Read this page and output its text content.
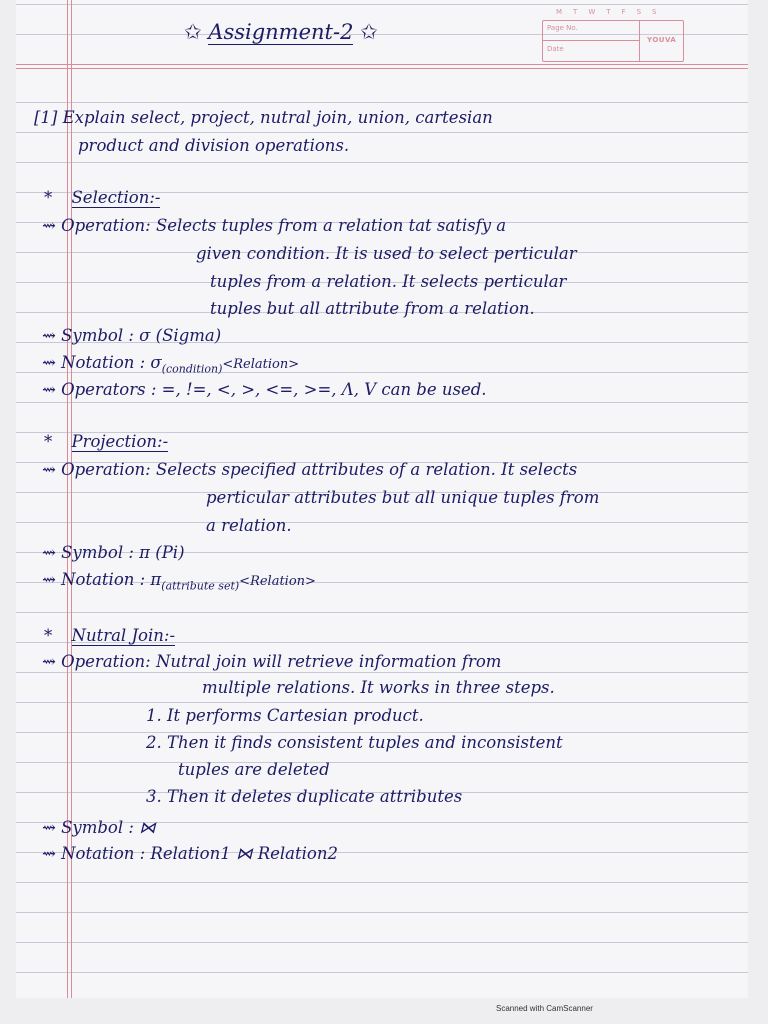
M T W T F S S
Page No.
Date
YOUVA
✩ Assignment-2 ✩
[1] Explain select, project, nutral join, union, cartesian
product and division operations.
* Selection:-
⇝ Operation: Selects tuples from a relation tat satisfy a
given condition. It is used to select perticular
tuples from a relation. It selects perticular
tuples but all attribute from a relation.
⇝ Symbol : σ (Sigma)
⇝ Notation : $\sigma_{(condition)}<Relation>$
⇝ Operators : =, !=, <, >, <=, >=, Λ, V can be used.
* Projection:-
⇝ Operation: Selects specified attributes of a relation. It selects
perticular attributes but all unique tuples from
a relation.
⇝ Symbol : π (Pi)
⇝ Notation : $\pi_{(attribute set)}<Relation>$
* Nutral Join:-
⇝ Operation: Nutral join will retrieve information from
multiple relations. It works in three steps.
1. It performs Cartesian product.
2. Then it finds consistent tuples and inconsistent
tuples are deleted
3. Then it deletes duplicate attributes
⇝ Symbol : ⋈
⇝ Notation : Relation1 ⋈ Relation2
Scanned with CamScanner
